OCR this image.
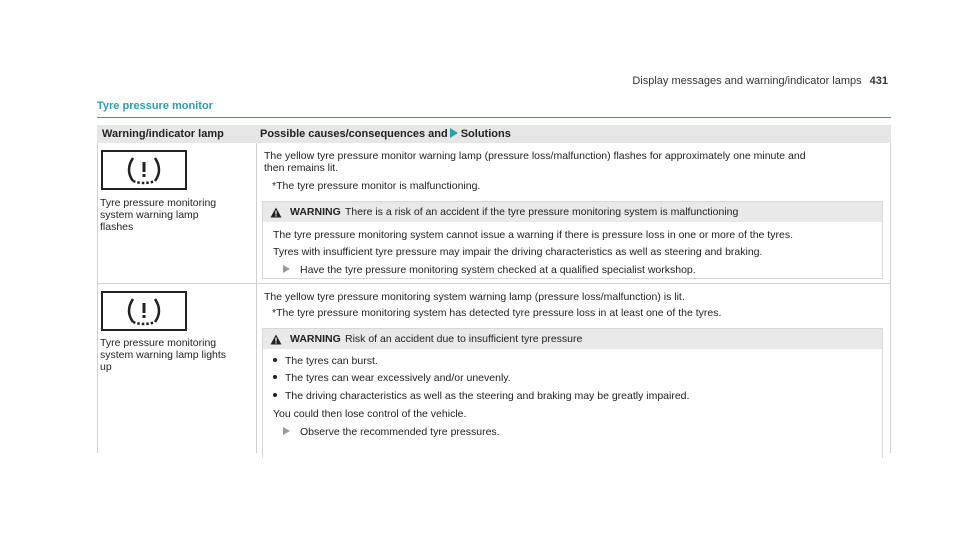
Display messages and warning/indicator lamps 431
Tyre pressure monitor
Warning/indicator lamp	Possible causes/consequences and Solutions
Tyre pressure monitoring
system warning lamp
flashes
The yellow tyre pressure monitor warning lamp (pressure loss/malfunction) flashes for approximately one minute and
then remains lit.
*The tyre pressure monitor is malfunctioning.
WARNING There is a risk of an accident if the tyre pressure monitoring system is malfunctioning
The tyre pressure monitoring system cannot issue a warning if there is pressure loss in one or more of the tyres.
Tyres with insufficient tyre pressure may impair the driving characteristics as well as steering and braking.
Have the tyre pressure monitoring system checked at a qualified specialist workshop.
Tyre pressure monitoring
system warning lamp lights
up
The yellow tyre pressure monitoring system warning lamp (pressure loss/malfunction) is lit.
*The tyre pressure monitoring system has detected tyre pressure loss in at least one of the tyres.
WARNING Risk of an accident due to insufficient tyre pressure
The tyres can burst.
The tyres can wear excessively and/or unevenly.
The driving characteristics as well as the steering and braking may be greatly impaired.
You could then lose control of the vehicle.
Observe the recommended tyre pressures.
